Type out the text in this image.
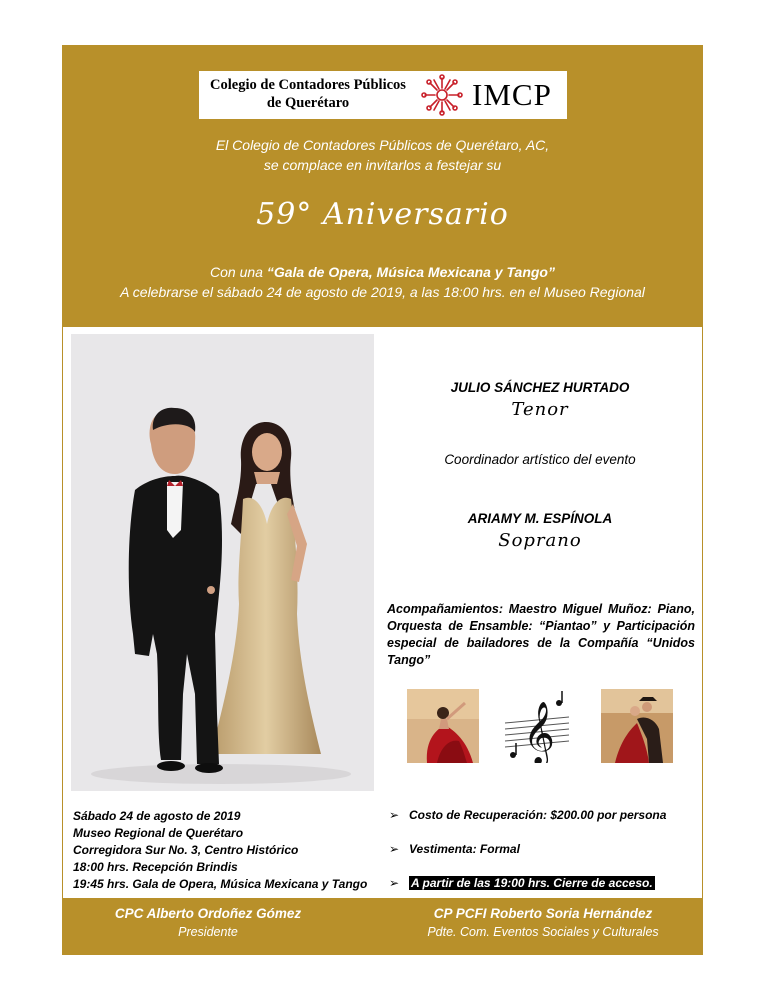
Colegio de Contadores Públicos
de Querétaro	IMCP
El Colegio de Contadores Públicos de Querétaro, AC,
se complace en invitarlos a festejar su
59° Aniversario
Con una “Gala de Opera, Música Mexicana y Tango”
A celebrarse el sábado 24 de agosto de 2019, a las 18:00 hrs. en el Museo Regional
JULIO SÁNCHEZ HURTADO
Tenor
Coordinador artístico del evento
ARIAMY M. ESPÍNOLA
Soprano
Acompañamientos: Maestro Miguel Muñoz: Piano, Orquesta de Ensamble: “Piantao” y Participación especial de bailadores de la Compañía “Unidos Tango”
𝄞
Sábado 24 de agosto de 2019
Museo Regional de Querétaro
Corregidora Sur No. 3, Centro Histórico
18:00 hrs. Recepción Brindis
19:45 hrs. Gala de Opera, Música Mexicana y Tango
➢ Costo de Recuperación: $200.00 por persona
➢ Vestimenta: Formal
➢ A partir de las 19:00 hrs. Cierre de acceso.
CPC Alberto Ordoñez Gómez
Presidente
CP PCFI Roberto Soria Hernández
Pdte. Com. Eventos Sociales y Culturales
